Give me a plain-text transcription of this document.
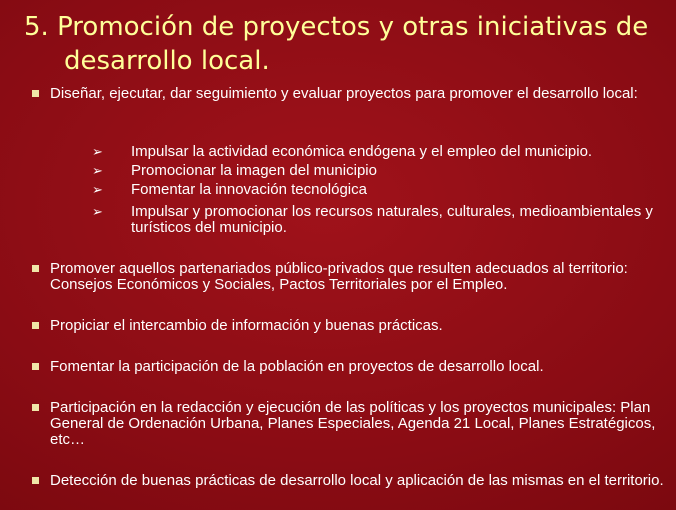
5. Promoción de proyectos y otras iniciativas de
desarrollo local.
Diseñar, ejecutar, dar seguimiento y evaluar proyectos para promover el desarrollo local:
➢	Impulsar la actividad económica endógena y el empleo del municipio.
➢	Promocionar la imagen del municipio
➢	Fomentar la innovación tecnológica
➢	Impulsar y promocionar los recursos naturales, culturales, medioambientales y turísticos del municipio.
Promover aquellos partenariados público-privados que resulten adecuados al territorio: Consejos Económicos y Sociales, Pactos Territoriales por el Empleo.
Propiciar el intercambio de información y buenas prácticas.
Fomentar la participación de la población en proyectos de desarrollo local.
Participación en la redacción y ejecución de las políticas y los proyectos municipales: Plan General de Ordenación Urbana, Planes Especiales, Agenda 21 Local, Planes Estratégicos, etc…
Detección de buenas prácticas de desarrollo local y aplicación de las mismas en el territorio.
